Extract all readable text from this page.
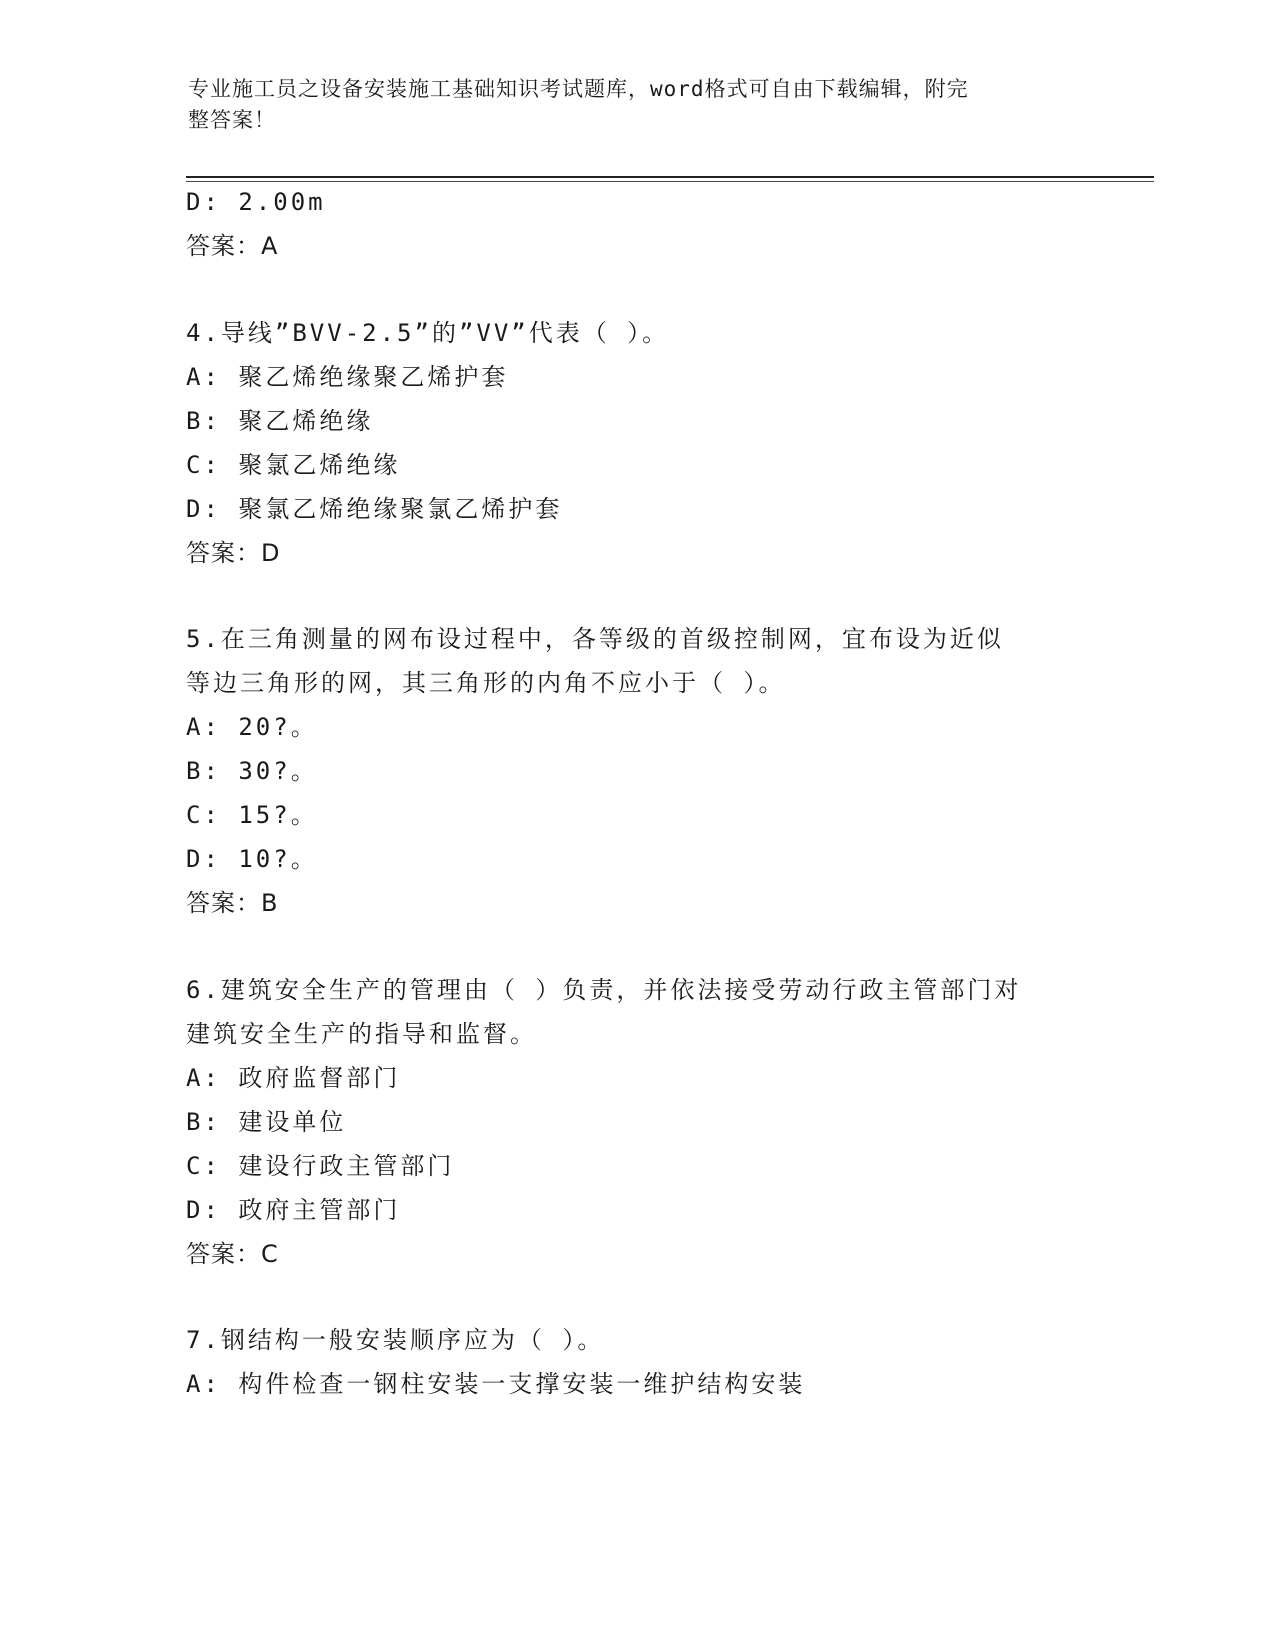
专业施工员之设备安装施工基础知识考试题库，word格式可自由下载编辑，附完
整答案！
D: 2.00m
答案：A
4.导线”BVV-2.5”的”VV”代表（ ）。
A: 聚乙烯绝缘聚乙烯护套
B: 聚乙烯绝缘
C: 聚氯乙烯绝缘
D: 聚氯乙烯绝缘聚氯乙烯护套
答案：D
5.在三角测量的网布设过程中，各等级的首级控制网，宜布设为近似
等边三角形的网，其三角形的内角不应小于（ ）。
A: 20?。
B: 30?。
C: 15?。
D: 10?。
答案：B
6.建筑安全生产的管理由（ ）负责，并依法接受劳动行政主管部门对
建筑安全生产的指导和监督。
A: 政府监督部门
B: 建设单位
C: 建设行政主管部门
D: 政府主管部门
答案：C
7.钢结构一般安装顺序应为（ ）。
A: 构件检查一钢柱安装一支撑安装一维护结构安装
